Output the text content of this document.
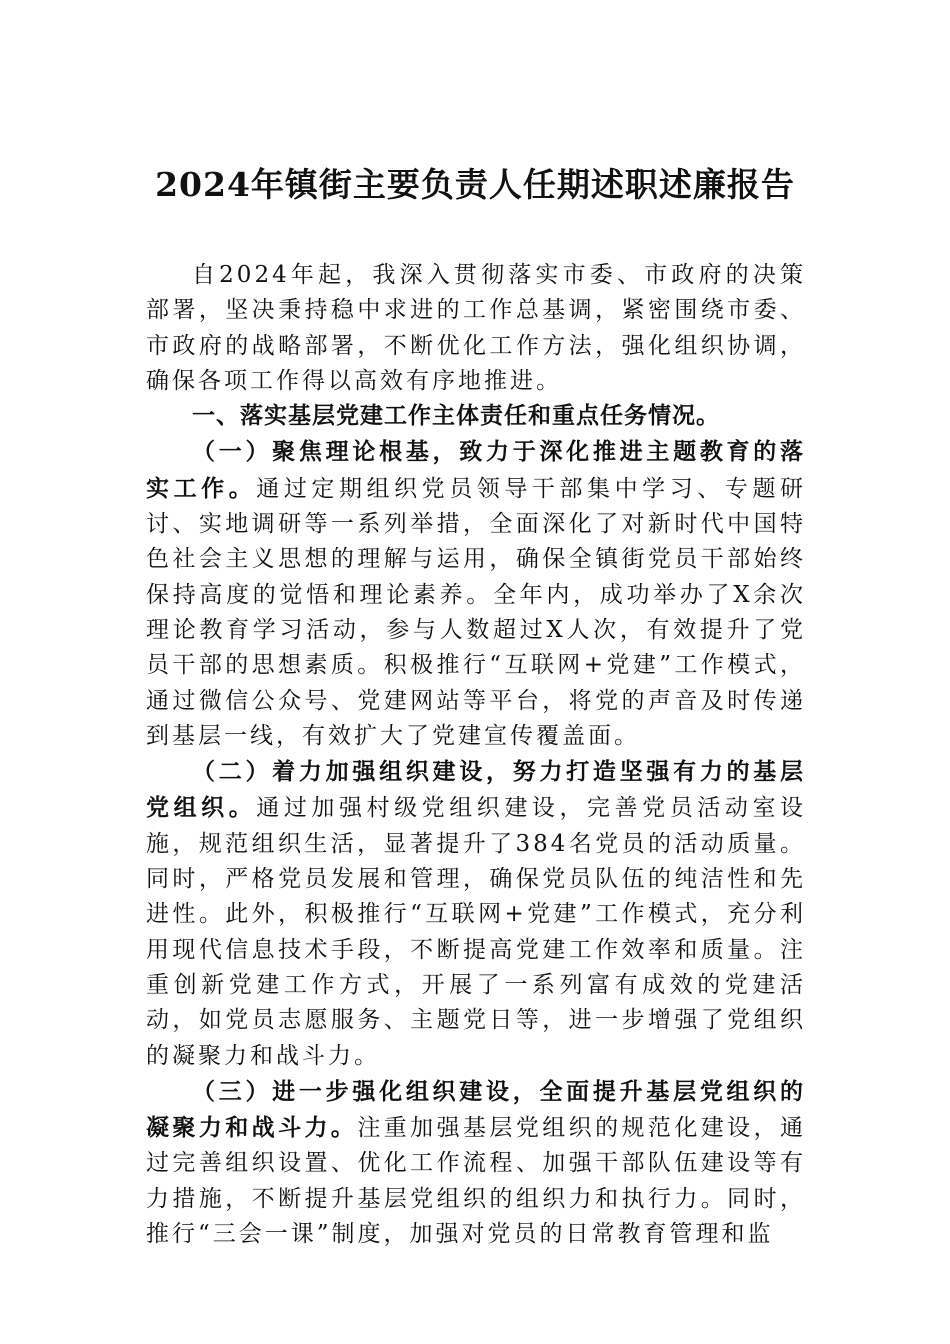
2024年镇街主要负责人任期述职述廉报告

自2024年起，我深入贯彻落实市委、市政府的决策部署，坚决秉持稳中求进的工作总基调，紧密围绕市委、市政府的战略部署，不断优化工作方法，强化组织协调，确保各项工作得以高效有序地推进。

一、落实基层党建工作主体责任和重点任务情况。

（一）聚焦理论根基，致力于深化推进主题教育的落实工作。通过定期组织党员领导干部集中学习、专题研讨、实地调研等一系列举措，全面深化了对新时代中国特色社会主义思想的理解与运用，确保全镇街党员干部始终保持高度的觉悟和理论素养。全年内，成功举办了X余次理论教育学习活动，参与人数超过X人次，有效提升了党员干部的思想素质。积极推行“互联网+党建”工作模式，通过微信公众号、党建网站等平台，将党的声音及时传递到基层一线，有效扩大了党建宣传覆盖面。

（二）着力加强组织建设，努力打造坚强有力的基层党组织。通过加强村级党组织建设，完善党员活动室设施，规范组织生活，显著提升了384名党员的活动质量。同时，严格党员发展和管理，确保党员队伍的纯洁性和先进性。此外，积极推行“互联网+党建”工作模式，充分利用现代信息技术手段，不断提高党建工作效率和质量。注重创新党建工作方式，开展了一系列富有成效的党建活动，如党员志愿服务、主题党日等，进一步增强了党组织的凝聚力和战斗力。

（三）进一步强化组织建设，全面提升基层党组织的凝聚力和战斗力。注重加强基层党组织的规范化建设，通过完善组织设置、优化工作流程、加强干部队伍建设等有力措施，不断提升基层党组织的组织力和执行力。同时，推行“三会一课”制度，加强对党员的日常教育管理和监
